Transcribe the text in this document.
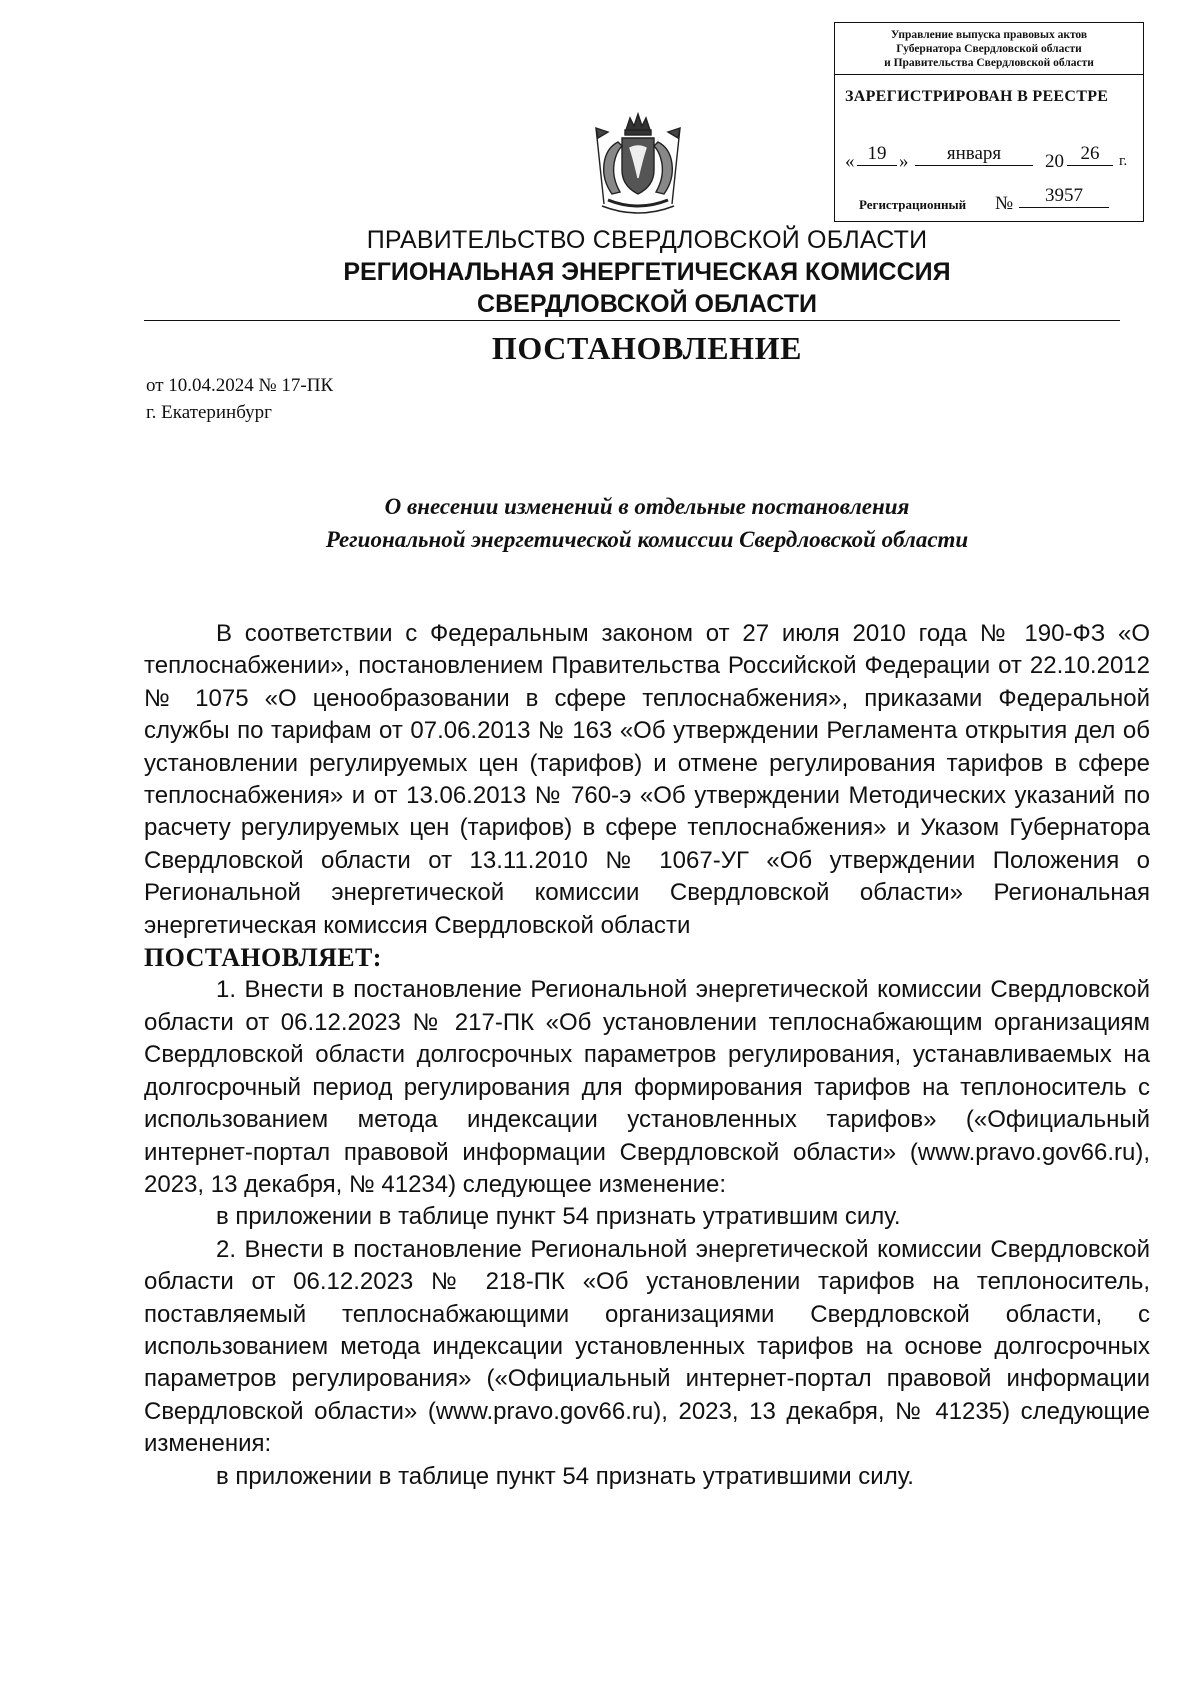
Управление выпуска правовых актов
Губернатора Свердловской области
и Правительства Свердловской области
ЗАРЕГИСТРИРОВАН В РЕЕСТРЕ
« 19 »	января	20 26	г.
Регистрационный №	3957
ПРАВИТЕЛЬСТВО СВЕРДЛОВСКОЙ ОБЛАСТИ
РЕГИОНАЛЬНАЯ ЭНЕРГЕТИЧЕСКАЯ КОМИССИЯ
СВЕРДЛОВСКОЙ ОБЛАСТИ
ПОСТАНОВЛЕНИЕ
от 10.04.2024 № 17-ПК
г. Екатеринбург
О внесении изменений в отдельные постановления
Региональной энергетической комиссии Свердловской области

В соответствии с Федеральным законом от 27 июля 2010 года № 190-ФЗ «О теплоснабжении», постановлением Правительства Российской Федерации от 22.10.2012 № 1075 «О ценообразовании в сфере теплоснабжения», приказами Федеральной службы по тарифам от 07.06.2013 № 163 «Об утверждении Регламента открытия дел об установлении регулируемых цен (тарифов) и отмене регулирования тарифов в сфере теплоснабжения» и от 13.06.2013 № 760-э «Об утверждении Методических указаний по расчету регулируемых цен (тарифов) в сфере теплоснабжения» и Указом Губернатора Свердловской области от 13.11.2010 № 1067-УГ «Об утверждении Положения о Региональной энергетической комиссии Свердловской области» Региональная энергетическая комиссия Свердловской области

ПОСТАНОВЛЯЕТ:

1. Внести в постановление Региональной энергетической комиссии Свердловской области от 06.12.2023 № 217-ПК «Об установлении теплоснабжающим организациям Свердловской области долгосрочных параметров регулирования, устанавливаемых на долгосрочный период регулирования для формирования тарифов на теплоноситель с использованием метода индексации установленных тарифов» («Официальный интернет-портал правовой информации Свердловской области» (www.pravo.gov66.ru), 2023, 13 декабря, № 41234) следующее изменение:

в приложении в таблице пункт 54 признать утратившим силу.

2. Внести в постановление Региональной энергетической комиссии Свердловской области от 06.12.2023 № 218-ПК «Об установлении тарифов на теплоноситель, поставляемый теплоснабжающими организациями Свердловской области, с использованием метода индексации установленных тарифов на основе долгосрочных параметров регулирования» («Официальный интернет-портал правовой информации Свердловской области» (www.pravo.gov66.ru), 2023, 13 декабря, № 41235) следующие изменения:

в приложении в таблице пункт 54 признать утратившими силу.
